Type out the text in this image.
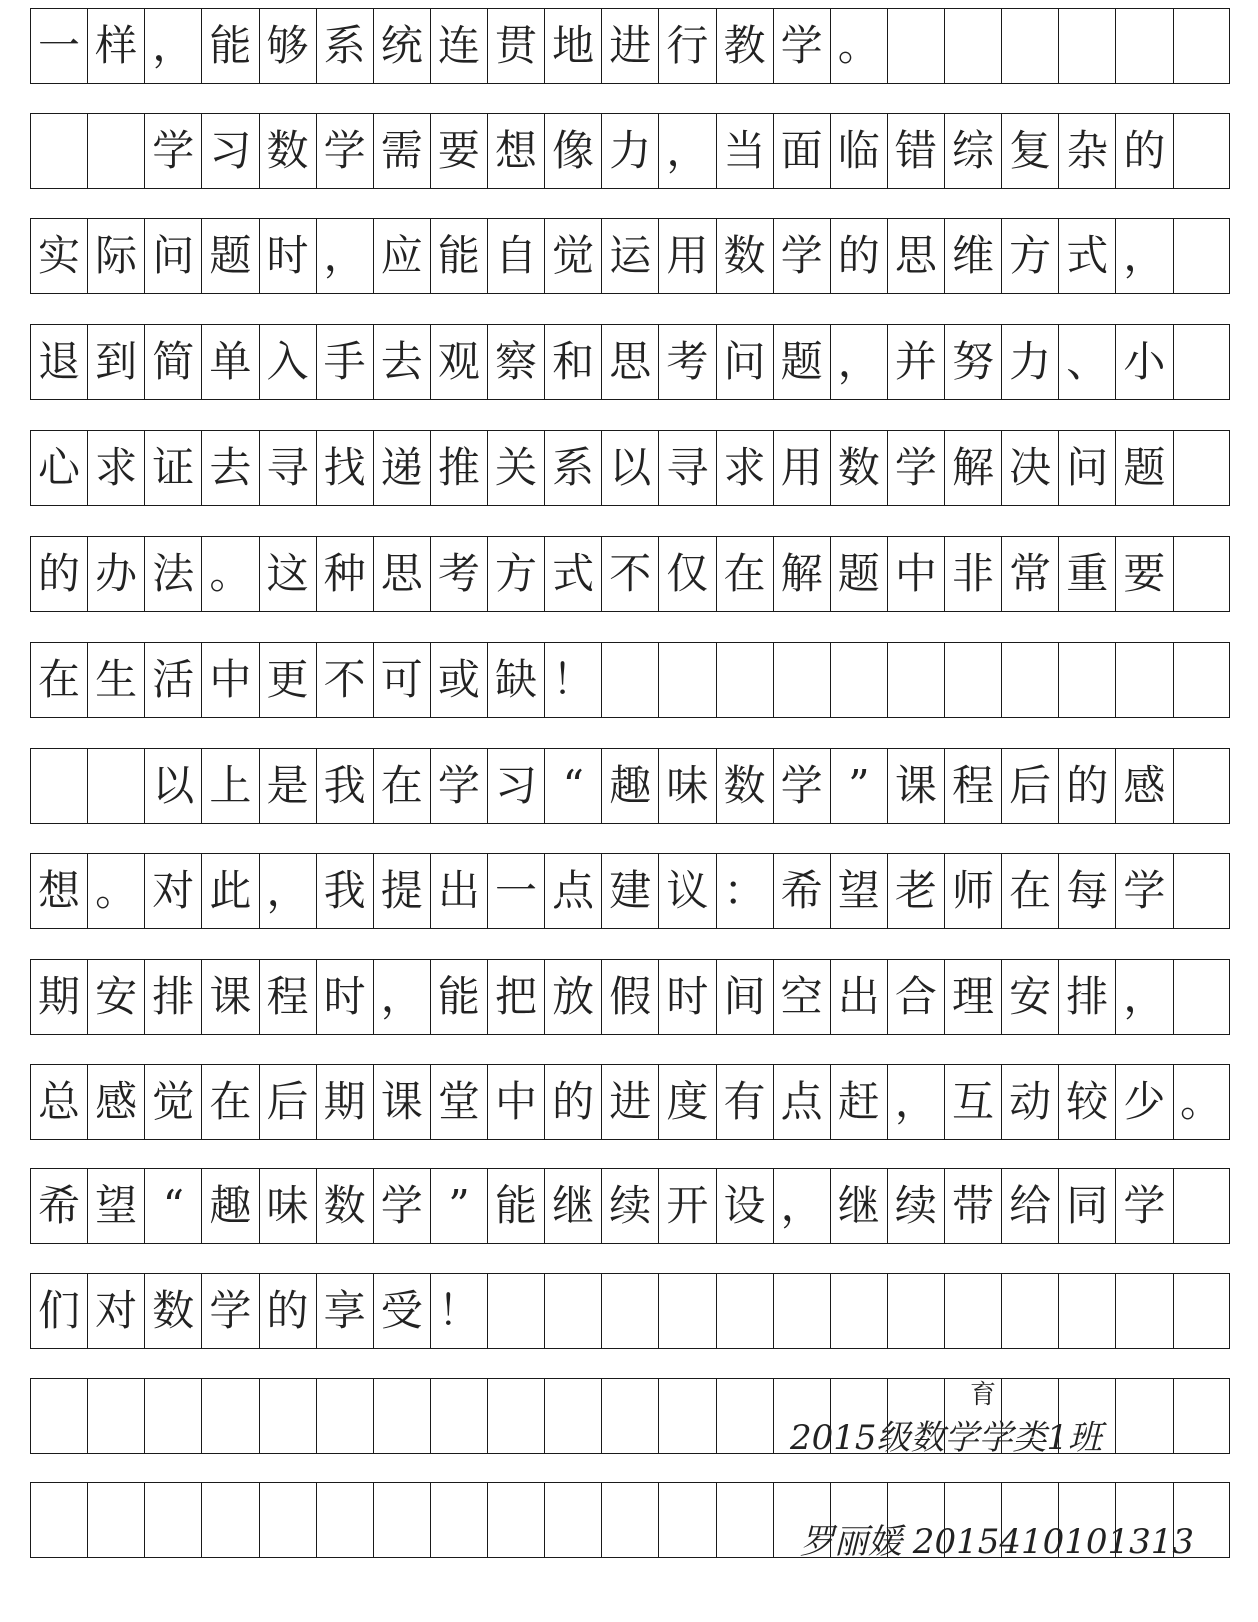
一 样 ， 能 够 系 统 连 贯 地 进 行 教 学 。
学 习 数 学 需 要 想 像 力 ， 当 面 临 错 综 复 杂 的
实 际 问 题 时 ， 应 能 自 觉 运 用 数 学 的 思 维 方 式 ，
退 到 简 单 入 手 去 观 察 和 思 考 问 题 ， 并 努 力 、 小
心 求 证 去 寻 找 递 推 关 系 以 寻 求 用 数 学 解 决 问 题
的 办 法 。 这 种 思 考 方 式 不 仅 在 解 题 中 非 常 重 要
在 生 活 中 更 不 可 或 缺 ！
以 上 是 我 在 学 习 “ 趣 味 数 学 ” 课 程 后 的 感
想 。 对 此 ， 我 提 出 一 点 建 议 ： 希 望 老 师 在 每 学
期 安 排 课 程 时 ， 能 把 放 假 时 间 空 出 合 理 安 排 ，
总 感 觉 在 后 期 课 堂 中 的 进 度 有 点 赶 ， 互 动 较 少 。
希 望 “ 趣 味 数 学 ” 能 继 续 开 设 ， 继 续 带 给 同 学
们 对 数 学 的 享 受 ！
育
2015级数学学类1班
罗丽媛 2015410101313
